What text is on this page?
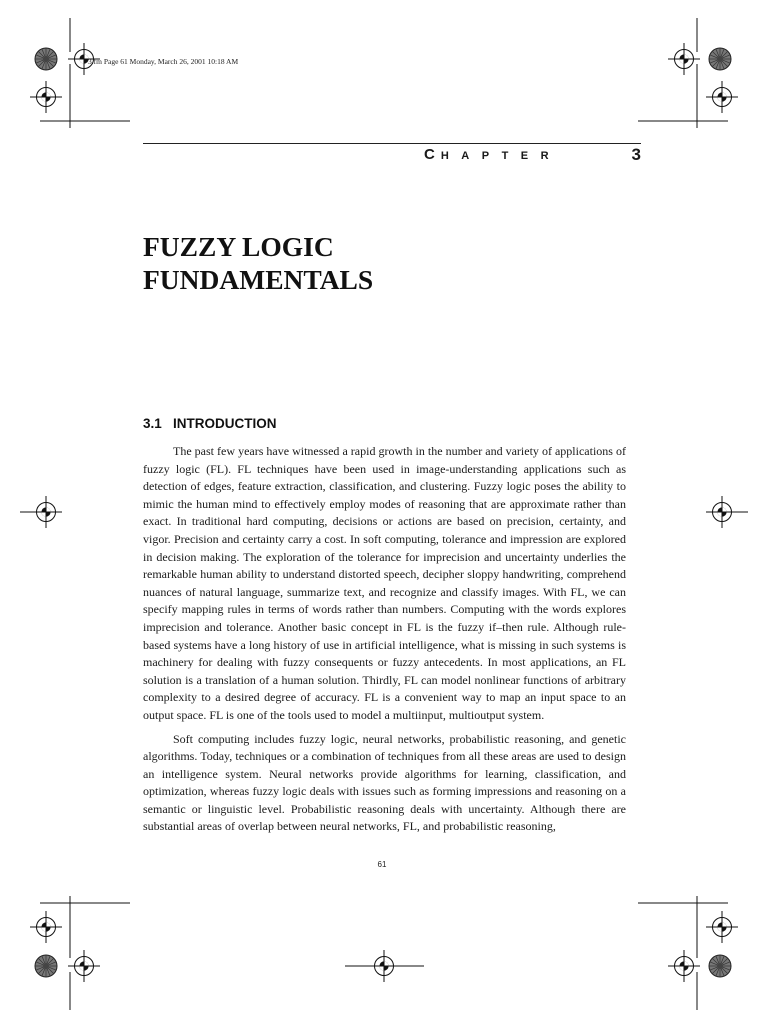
3.fm Page 61 Monday, March 26, 2001 10:18 AM
C HAPTER	3
FUZZY LOGIC
FUNDAMENTALS
3.1 INTRODUCTION

The past few years have witnessed a rapid growth in the number and variety of applications of fuzzy logic (FL). FL techniques have been used in image-understanding applications such as detection of edges, feature extraction, classification, and clustering. Fuzzy logic poses the ability to mimic the human mind to effectively employ modes of reasoning that are approximate rather than exact. In traditional hard computing, decisions or actions are based on precision, certainty, and vigor. Precision and certainty carry a cost. In soft computing, tolerance and impression are explored in decision making. The exploration of the tolerance for imprecision and uncertainty underlies the remarkable human ability to understand distorted speech, decipher sloppy handwriting, comprehend nuances of natural language, summarize text, and recognize and classify images. With FL, we can specify mapping rules in terms of words rather than numbers. Computing with the words explores imprecision and tolerance. Another basic concept in FL is the fuzzy if–then rule. Although rule-based systems have a long history of use in artificial intelligence, what is missing in such systems is machinery for dealing with fuzzy consequents or fuzzy antecedents. In most applications, an FL solution is a translation of a human solution. Thirdly, FL can model nonlinear functions of arbitrary complexity to a desired degree of accuracy. FL is a convenient way to map an input space to an output space. FL is one of the tools used to model a multiinput, multioutput system.

Soft computing includes fuzzy logic, neural networks, probabilistic reasoning, and genetic algorithms. Today, techniques or a combination of techniques from all these areas are used to design an intelligence system. Neural networks provide algorithms for learning, classification, and optimization, whereas fuzzy logic deals with issues such as forming impressions and reasoning on a semantic or linguistic level. Probabilistic reasoning deals with uncertainty. Although there are substantial areas of overlap between neural networks, FL, and probabilistic reasoning,

61
